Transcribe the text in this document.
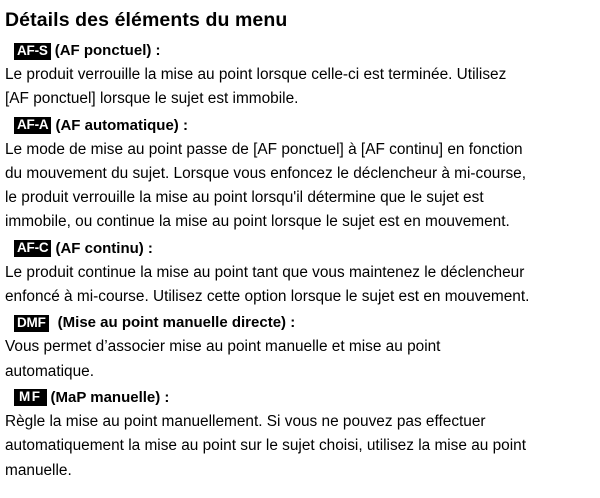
Détails des éléments du menu
AF-S (AF ponctuel) :
Le produit verrouille la mise au point lorsque celle-ci est terminée. Utilisez
[AF ponctuel] lorsque le sujet est immobile.
AF-A (AF automatique) :
Le mode de mise au point passe de [AF ponctuel] à [AF continu] en fonction
du mouvement du sujet. Lorsque vous enfoncez le déclencheur à mi-course,
le produit verrouille la mise au point lorsqu'il détermine que le sujet est
immobile, ou continue la mise au point lorsque le sujet est en mouvement.
AF-C (AF continu) :
Le produit continue la mise au point tant que vous maintenez le déclencheur
enfoncé à mi-course. Utilisez cette option lorsque le sujet est en mouvement.
DMF (Mise au point manuelle directe) :
Vous permet d’associer mise au point manuelle et mise au point
automatique.
MF (MaP manuelle) :
Règle la mise au point manuellement. Si vous ne pouvez pas effectuer
automatiquement la mise au point sur le sujet choisi, utilisez la mise au point
manuelle.
